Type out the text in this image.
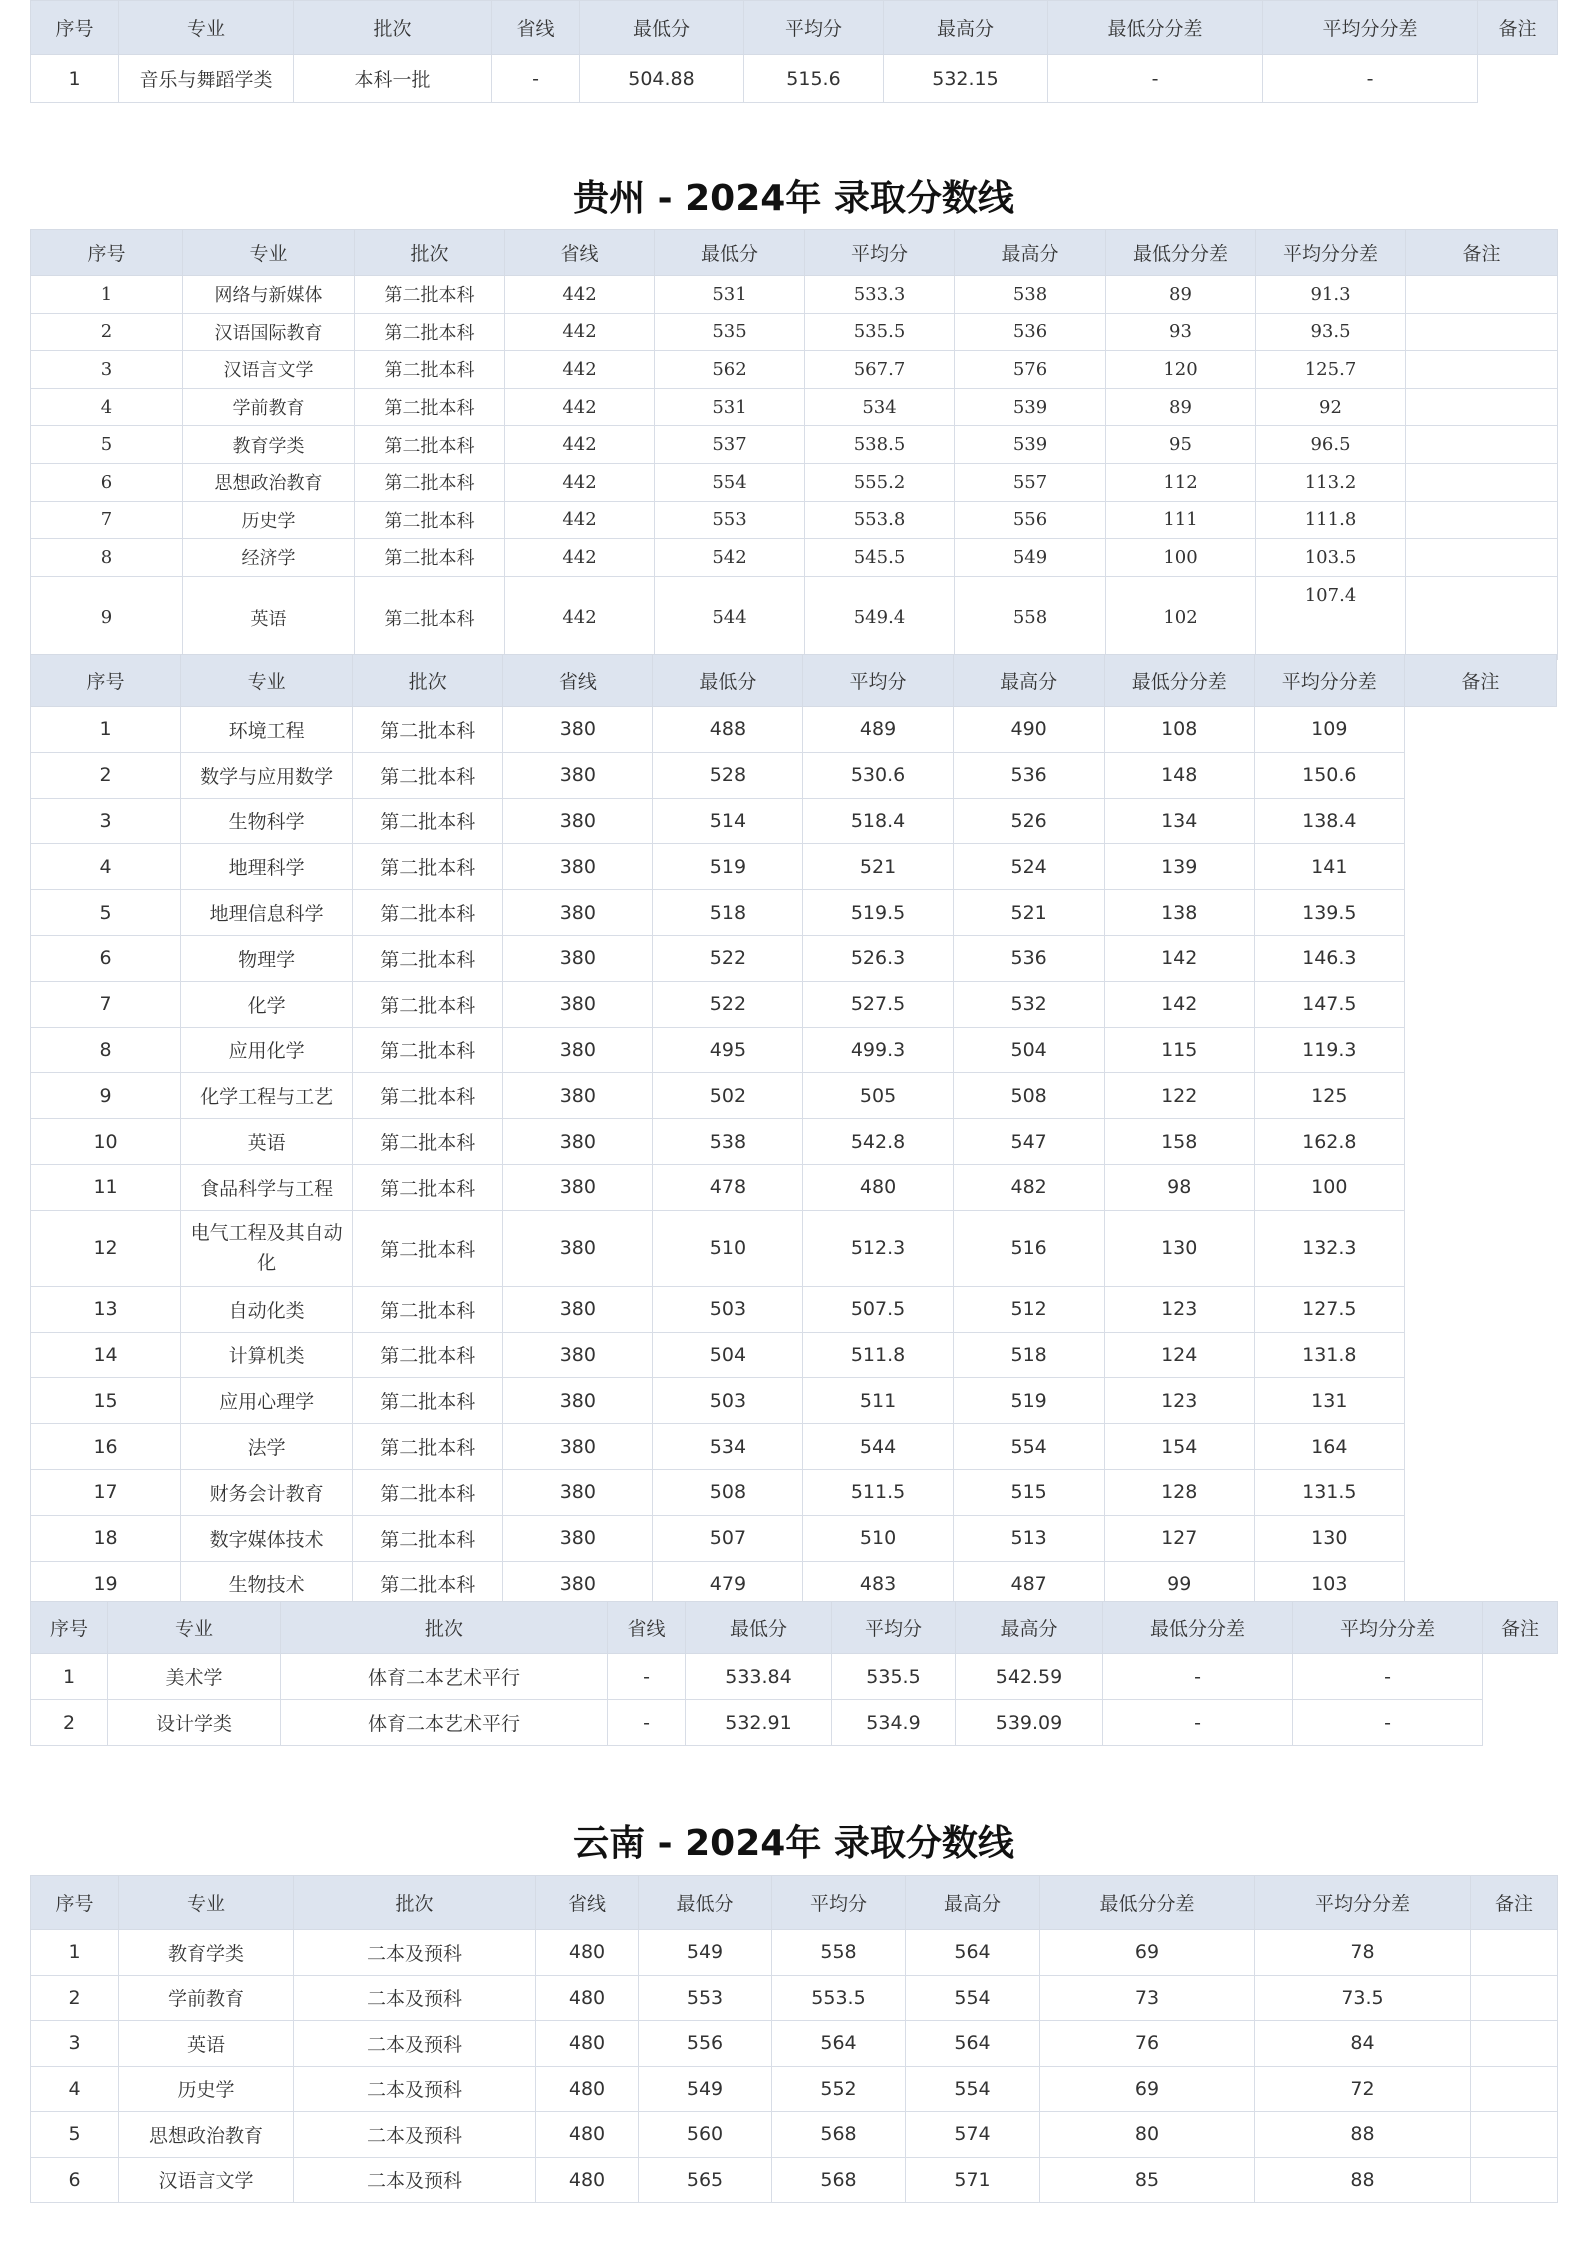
序号	专业	批次	省线	最低分	平均分	最高分	最低分分差	平均分分差	备注
1	音乐与舞蹈学类	本科一批	-	504.88	515.6	532.15	-	-	
贵州 - 2024年 录取分数线
序号	专业	批次	省线	最低分	平均分	最高分	最低分分差	平均分分差	备注
1	网络与新媒体	第二批本科	442	531	533.3	538	89	91.3	
2	汉语国际教育	第二批本科	442	535	535.5	536	93	93.5	
3	汉语言文学	第二批本科	442	562	567.7	576	120	125.7	
4	学前教育	第二批本科	442	531	534	539	89	92	
5	教育学类	第二批本科	442	537	538.5	539	95	96.5	
6	思想政治教育	第二批本科	442	554	555.2	557	112	113.2	
7	历史学	第二批本科	442	553	553.8	556	111	111.8	
8	经济学	第二批本科	442	542	545.5	549	100	103.5	
9	英语	第二批本科	442	544	549.4	558	102	107.4	
序号	专业	批次	省线	最低分	平均分	最高分	最低分分差	平均分分差	备注
1	环境工程	第二批本科	380	488	489	490	108	109	
2	数学与应用数学	第二批本科	380	528	530.6	536	148	150.6	
3	生物科学	第二批本科	380	514	518.4	526	134	138.4	
4	地理科学	第二批本科	380	519	521	524	139	141	
5	地理信息科学	第二批本科	380	518	519.5	521	138	139.5	
6	物理学	第二批本科	380	522	526.3	536	142	146.3	
7	化学	第二批本科	380	522	527.5	532	142	147.5	
8	应用化学	第二批本科	380	495	499.3	504	115	119.3	
9	化学工程与工艺	第二批本科	380	502	505	508	122	125	
10	英语	第二批本科	380	538	542.8	547	158	162.8	
11	食品科学与工程	第二批本科	380	478	480	482	98	100	
12	电气工程及其自动化	第二批本科	380	510	512.3	516	130	132.3	
13	自动化类	第二批本科	380	503	507.5	512	123	127.5	
14	计算机类	第二批本科	380	504	511.8	518	124	131.8	
15	应用心理学	第二批本科	380	503	511	519	123	131	
16	法学	第二批本科	380	534	544	554	154	164	
17	财务会计教育	第二批本科	380	508	511.5	515	128	131.5	
18	数字媒体技术	第二批本科	380	507	510	513	127	130	
19	生物技术	第二批本科	380	479	483	487	99	103	
序号	专业	批次	省线	最低分	平均分	最高分	最低分分差	平均分分差	备注
1	美术学	体育二本艺术平行	-	533.84	535.5	542.59	-	-	
2	设计学类	体育二本艺术平行	-	532.91	534.9	539.09	-	-	
云南 - 2024年 录取分数线
序号	专业	批次	省线	最低分	平均分	最高分	最低分分差	平均分分差	备注
1	教育学类	二本及预科	480	549	558	564	69	78	
2	学前教育	二本及预科	480	553	553.5	554	73	73.5	
3	英语	二本及预科	480	556	564	564	76	84	
4	历史学	二本及预科	480	549	552	554	69	72	
5	思想政治教育	二本及预科	480	560	568	574	80	88	
6	汉语言文学	二本及预科	480	565	568	571	85	88	
